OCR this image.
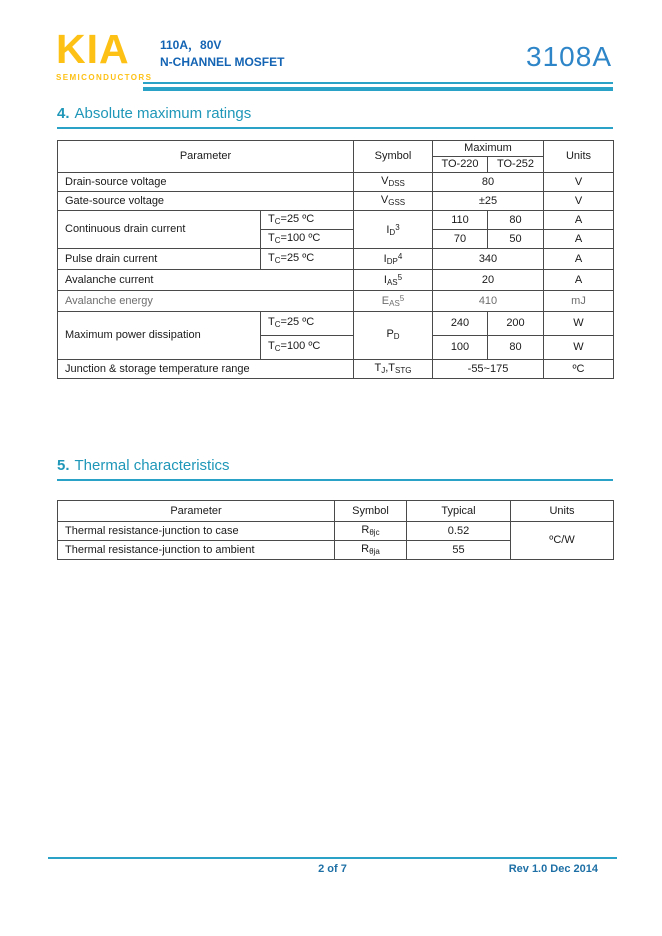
KIA
SEMICONDUCTORS
110A，80V
N-CHANNEL MOSFET	3108A
4. Absolute maximum ratings
Parameter		Symbol	Maximum		Units
			TO-220	TO-252	
Drain-source voltage		$V_{DSS}$	80		V
Gate-source voltage		$V_{GSS}$	±25		V
Continuous drain current	$T_C=25$ ºC	$I_D^3$	110	80	A
	$T_C=100$ ºC		70	50	A
Pulse drain current	$T_C=25$ ºC	$I_{DP}^4$	340		A
Avalanche current		$I_{AS}^5$	20		A
Avalanche energy		$E_{AS}^5$	410		mJ
Maximum power dissipation	$T_C=25$ ºC	$P_D$	240	200	W
	$T_C=100$ ºC		100	80	W
Junction & storage temperature range		$T_J,T_{STG}$	-55~175		ºC
5. Thermal characteristics
Parameter	Symbol	Typical	Units
Thermal resistance-junction to case	$R_{\theta jc}$	0.52	ºC/W
Thermal resistance-junction to ambient	$R_{\theta ja}$	55	
2 of 7	Rev 1.0 Dec 2014
